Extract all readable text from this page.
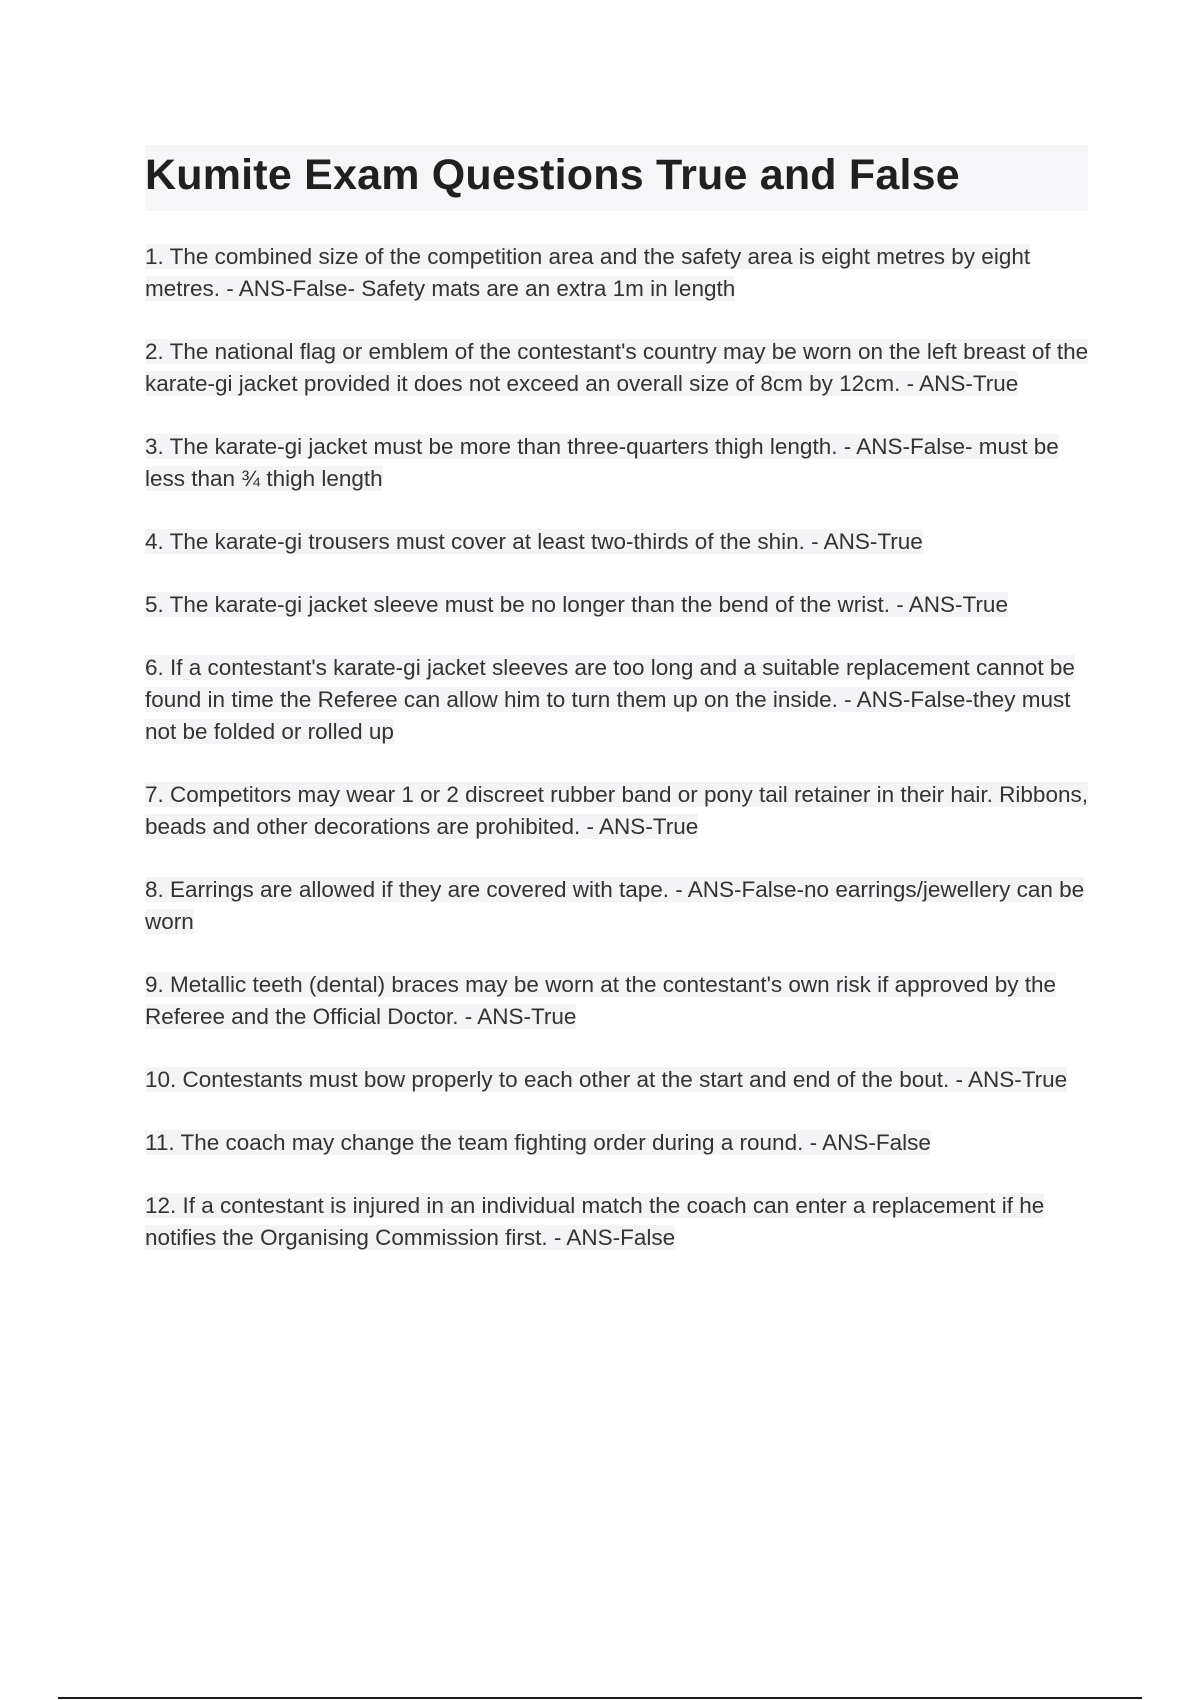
Kumite Exam Questions True and False

1. The combined size of the competition area and the safety area is eight metres by eight metres. - ANS-False- Safety mats are an extra 1m in length

2. The national flag or emblem of the contestant's country may be worn on the left breast of the karate-gi jacket provided it does not exceed an overall size of 8cm by 12cm. - ANS-True

3. The karate-gi jacket must be more than three-quarters thigh length. - ANS-False- must be less than ¾ thigh length

4. The karate-gi trousers must cover at least two-thirds of the shin. - ANS-True

5. The karate-gi jacket sleeve must be no longer than the bend of the wrist. - ANS-True

6. If a contestant's karate-gi jacket sleeves are too long and a suitable replacement cannot be found in time the Referee can allow him to turn them up on the inside. - ANS-False-they must not be folded or rolled up

7. Competitors may wear 1 or 2 discreet rubber band or pony tail retainer in their hair. Ribbons, beads and other decorations are prohibited. - ANS-True

8. Earrings are allowed if they are covered with tape. - ANS-False-no earrings/jewellery can be worn

9. Metallic teeth (dental) braces may be worn at the contestant's own risk if approved by the Referee and the Official Doctor. - ANS-True

10. Contestants must bow properly to each other at the start and end of the bout. - ANS-True

11. The coach may change the team fighting order during a round. - ANS-False

12. If a contestant is injured in an individual match the coach can enter a replacement if he notifies the Organising Commission first. - ANS-False
